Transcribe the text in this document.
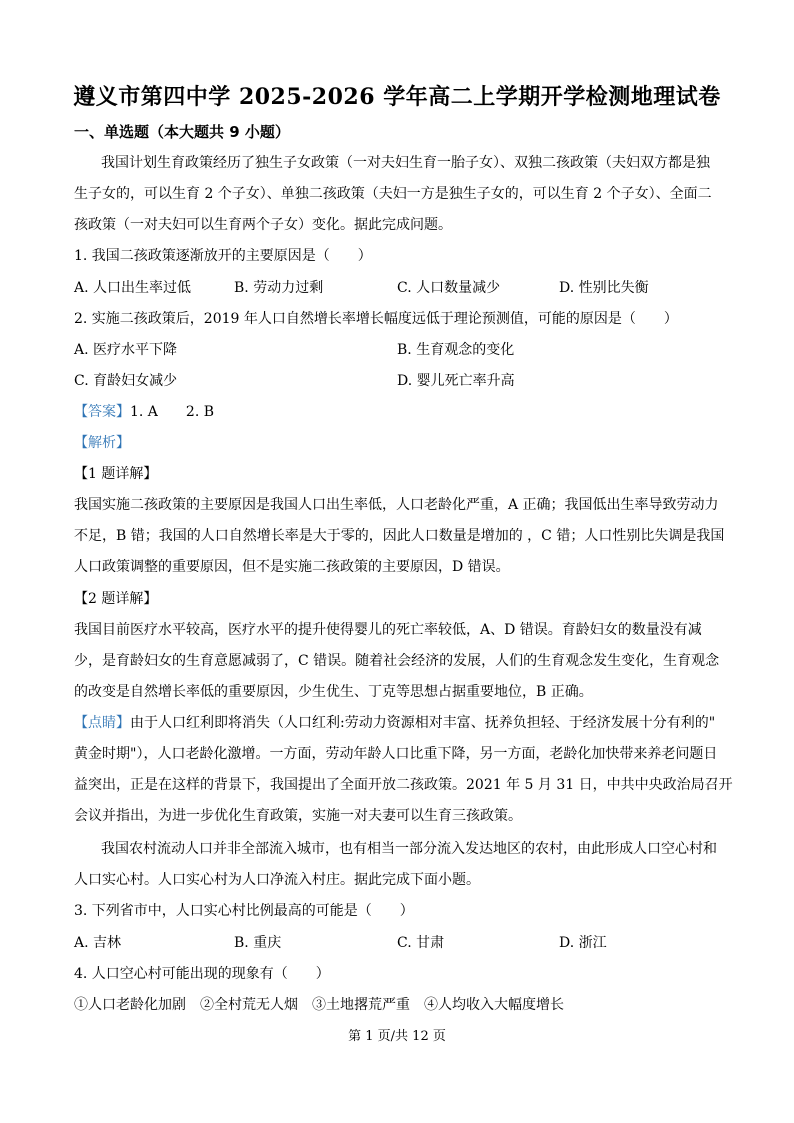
遵义市第四中学 2025-2026 学年高二上学期开学检测地理试卷
一、单选题（本大题共 9 小题）
我国计划生育政策经历了独生子女政策（一对夫妇生育一胎子女）、双独二孩政策（夫妇双方都是独
生子女的，可以生育 2 个子女）、单独二孩政策（夫妇一方是独生子女的，可以生育 2 个子女）、全面二
孩政策（一对夫妇可以生育两个子女）变化。据此完成问题。
1. 我国二孩政策逐渐放开的主要原因是（　　）
A. 人口出生率过低	B. 劳动力过剩	C. 人口数量减少	D. 性别比失衡
2. 实施二孩政策后，2019 年人口自然增长率增长幅度远低于理论预测值，可能的原因是（　　）
A. 医疗水平下降	B. 生育观念的变化
C. 育龄妇女减少	D. 婴儿死亡率升高
【答案】1. A　　2. B
【解析】
【1 题详解】
我国实施二孩政策的主要原因是我国人口出生率低，人口老龄化严重，A 正确；我国低出生率导致劳动力
不足，B 错；我国的人口自然增长率是大于零的，因此人口数量是增加的 ，C 错；人口性别比失调是我国
人口政策调整的重要原因，但不是实施二孩政策的主要原因，D 错误。
【2 题详解】
我国目前医疗水平较高，医疗水平的提升使得婴儿的死亡率较低，A、D 错误。育龄妇女的数量没有减
少，是育龄妇女的生育意愿减弱了，C 错误。随着社会经济的发展，人们的生育观念发生变化，生育观念
的改变是自然增长率低的重要原因，少生优生、丁克等思想占据重要地位，B 正确。
【点睛】由于人口红利即将消失（人口红利:劳动力资源相对丰富、抚养负担轻、于经济发展十分有利的"
黄金时期"），人口老龄化激增。一方面，劳动年龄人口比重下降，另一方面，老龄化加快带来养老问题日
益突出，正是在这样的背景下，我国提出了全面开放二孩政策。2021 年 5 月 31 日，中共中央政治局召开
会议并指出，为进一步优化生育政策，实施一对夫妻可以生育三孩政策。
我国农村流动人口并非全部流入城市，也有相当一部分流入发达地区的农村，由此形成人口空心村和
人口实心村。人口实心村为人口净流入村庄。据此完成下面小题。
3. 下列省市中，人口实心村比例最高的可能是（　　）
A. 吉林	B. 重庆	C. 甘肃	D. 浙江
4. 人口空心村可能出现的现象有（　　）
①人口老龄化加剧　②全村荒无人烟　③土地撂荒严重　④人均收入大幅度增长
第 1 页/共 12 页
